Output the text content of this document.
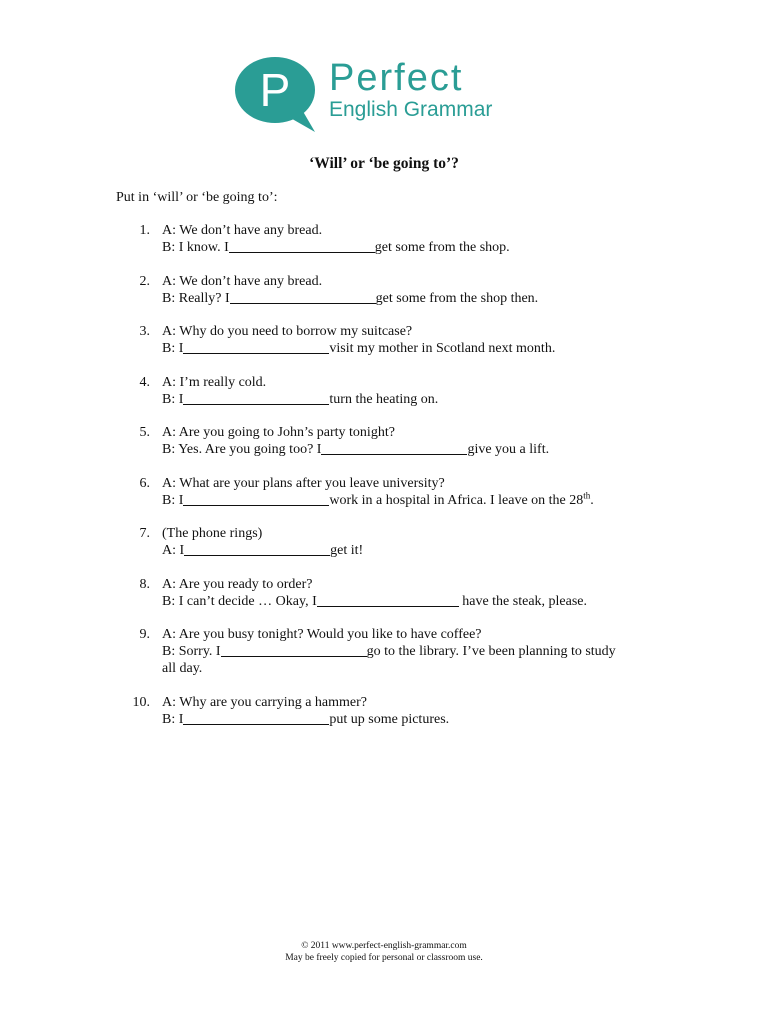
P Perfect
English Grammar
‘Will’ or ‘be going to’?
Put in ‘will’ or ‘be going to’:
1. A: We don’t have any bread.
B: I know. I	get some from the shop.
2. A: We don’t have any bread.
B: Really? I	get some from the shop then.
3. A: Why do you need to borrow my suitcase?
B: I	visit my mother in Scotland next month.
4. A: I’m really cold.
B: I	turn the heating on.
5. A: Are you going to John’s party tonight?
B: Yes. Are you going too? I	give you a lift.
6. A: What are your plans after you leave university?
B: I	work in a hospital in Africa. I leave on the 28th.
7. (The phone rings)
A: I	get it!
8. A: Are you ready to order?
B: I can’t decide … Okay, I	have the steak, please.
9. A: Are you busy tonight? Would you like to have coffee?
B: Sorry. I	go to the library. I’ve been planning to study
all day.
10. A: Why are you carrying a hammer?
B: I	put up some pictures.
© 2011 www.perfect-english-grammar.com
May be freely copied for personal or classroom use.
